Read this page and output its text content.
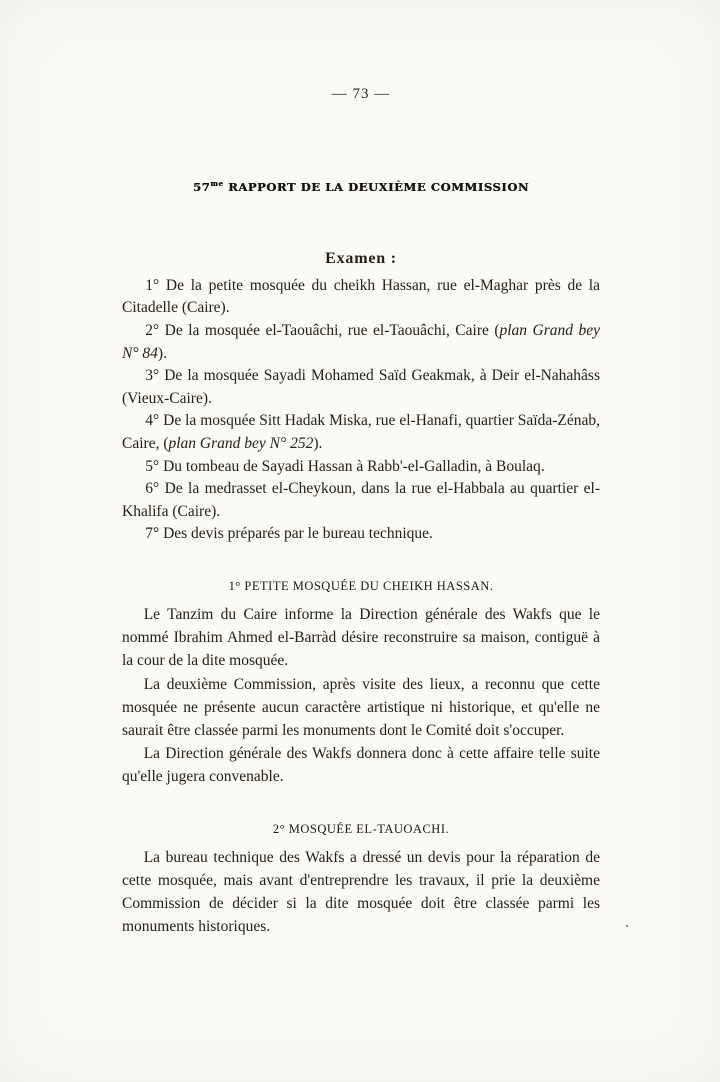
— 73 —
$57^{me}$ RAPPORT DE LA DEUXIÈME COMMISSION
Examen :
1° De la petite mosquée du cheikh Hassan, rue el-Maghar près de la Citadelle (Caire).
2° De la mosquée el-Taouâchi, rue el-Taouâchi, Caire (plan Grand bey N° 84).
3° De la mosquée Sayadi Mohamed Saïd Geakmak, à Deir el-Nahahâss (Vieux-Caire).
4° De la mosquée Sitt Hadak Miska, rue el-Hanafi, quartier Saïda-Zénab, Caire, (plan Grand bey N° 252).
5° Du tombeau de Sayadi Hassan à Rabb'-el-Galladin, à Boulaq.
6° De la medrasset el-Cheykoun, dans la rue el-Habbala au quartier el-Khalifa (Caire).
7° Des devis préparés par le bureau technique.
1° PETITE MOSQUÉE DU CHEIKH HASSAN.

Le Tanzim du Caire informe la Direction générale des Wakfs que le nommé Ibrahim Ahmed el-Barràd désire reconstruire sa maison, contiguë à la cour de la dite mosquée.

La deuxième Commission, après visite des lieux, a reconnu que cette mosquée ne présente aucun caractère artistique ni historique, et qu'elle ne saurait être classée parmi les monuments dont le Comité doit s'occuper.

La Direction générale des Wakfs donnera donc à cette affaire telle suite qu'elle jugera convenable.

2° MOSQUÉE EL-TAUOACHI.

La bureau technique des Wakfs a dressé un devis pour la réparation de cette mosquée, mais avant d'entreprendre les travaux, il prie la deuxième Commission de décider si la dite mosquée doit être classée parmi les monuments historiques.
